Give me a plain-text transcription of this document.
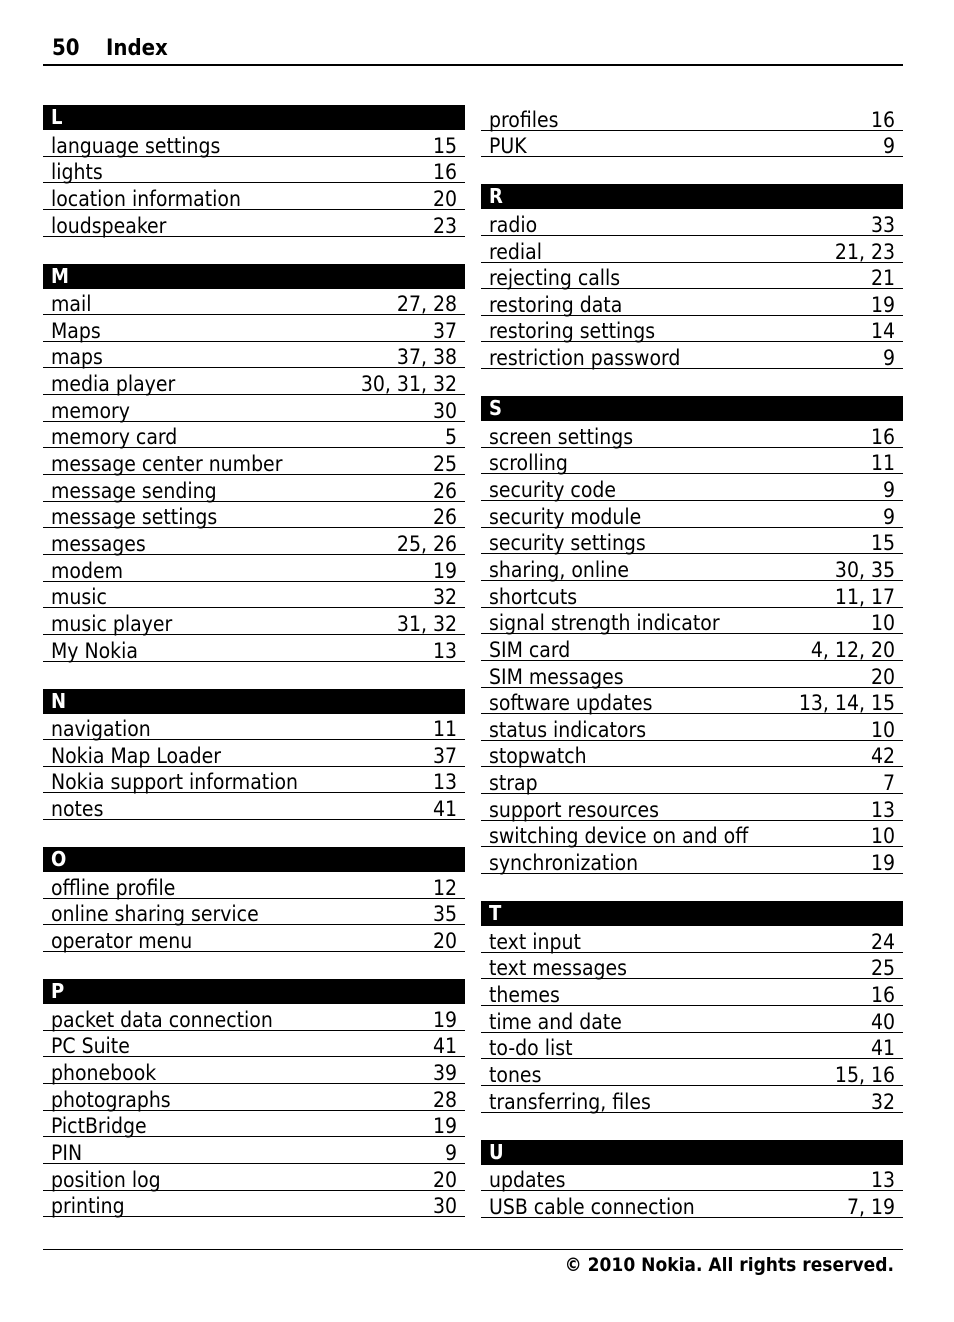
50 Index
L
language settings	15
lights	16
location information	20
loudspeaker	23
M
mail	27, 28
Maps	37
maps	37, 38
media player	30, 31, 32
memory	30
memory card	5
message center number	25
message sending	26
message settings	26
messages	25, 26
modem	19
music	32
music player	31, 32
My Nokia	13
N
navigation	11
Nokia Map Loader	37
Nokia support information	13
notes	41
O
offline profile	12
online sharing service	35
operator menu	20
P
packet data connection	19
PC Suite	41
phonebook	39
photographs	28
PictBridge	19
PIN	9
position log	20
printing	30
profiles	16
PUK	9
R
radio	33
redial	21, 23
rejecting calls	21
restoring data	19
restoring settings	14
restriction password	9
S
screen settings	16
scrolling	11
security code	9
security module	9
security settings	15
sharing, online	30, 35
shortcuts	11, 17
signal strength indicator	10
SIM card	4, 12, 20
SIM messages	20
software updates	13, 14, 15
status indicators	10
stopwatch	42
strap	7
support resources	13
switching device on and off	10
synchronization	19
T
text input	24
text messages	25
themes	16
time and date	40
to-do list	41
tones	15, 16
transferring, files	32
U
updates	13
USB cable connection	7, 19
© 2010 Nokia. All rights reserved.
